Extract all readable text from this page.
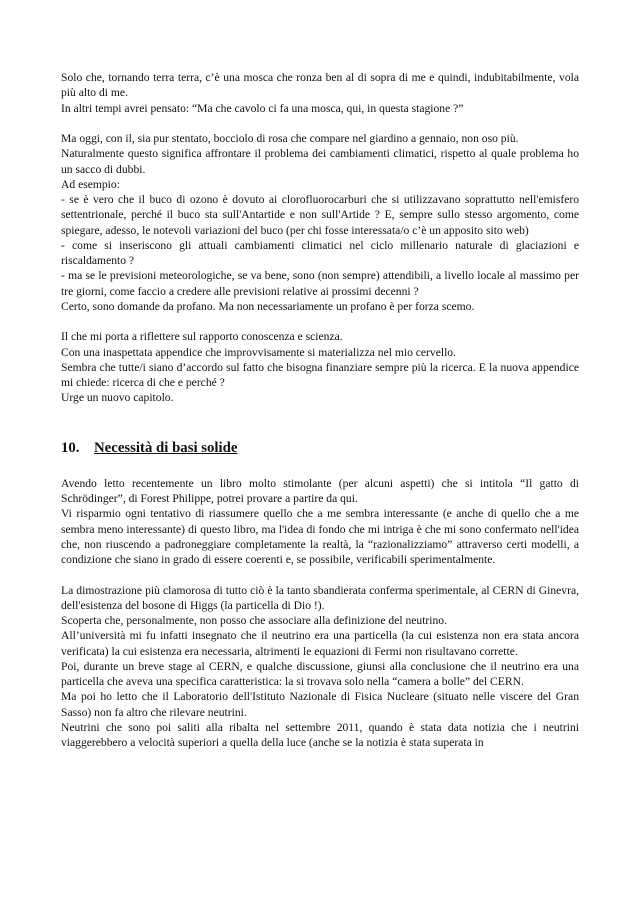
Solo che, tornando terra terra, c’è una mosca che ronza ben al di sopra di me e quindi, indubitabilmente, vola più alto di me.

In altri tempi avrei pensato: “Ma che cavolo ci fa una mosca, qui, in questa stagione ?”

Ma oggi, con il, sia pur stentato, bocciolo di rosa che compare nel giardino a gennaio, non oso più.

Naturalmente questo significa affrontare il problema dei cambiamenti climatici, rispetto al quale problema ho un sacco di dubbi.

Ad esempio:

- se è vero che il buco di ozono è dovuto ai clorofluorocarburi che si utilizzavano soprattutto nell'emisfero settentrionale, perché il buco sta sull'Antartide e non sull'Artide ? E, sempre sullo stesso argomento, come spiegare, adesso, le notevoli variazioni del buco (per chi fosse interessata/o c’è un apposito sito web)

- come si inseriscono gli attuali cambiamenti climatici nel ciclo millenario naturale di glaciazioni e riscaldamento ?

- ma se le previsioni meteorologiche, se va bene, sono (non sempre) attendibili, a livello locale al massimo per tre giorni, come faccio a credere alle previsioni relative ai prossimi decenni ?

Certo, sono domande da profano. Ma non necessariamente un profano è per forza scemo.

Il che mi porta a riflettere sul rapporto conoscenza e scienza.

Con una inaspettata appendice che improvvisamente si materializza nel mio cervello.

Sembra che tutte/i siano d’accordo sul fatto che bisogna finanziare sempre più la ricerca. E la nuova appendice mi chiede: ricerca di che e perché ?

Urge un nuovo capitolo.

10. Necessità di basi solide

Avendo letto recentemente un libro molto stimolante (per alcuni aspetti) che si intitola “Il gatto di Schrödinger”, di Forest Philippe, potrei provare a partire da qui.

Vi risparmio ogni tentativo di riassumere quello che a me sembra interessante (e anche di quello che a me sembra meno interessante) di questo libro, ma l'idea di fondo che mi intriga è che mi sono confermato nell'idea che, non riuscendo a padroneggiare completamente la realtà, la “razionalizziamo” attraverso certi modelli, a condizione che siano in grado di essere coerenti e, se possibile, verificabili sperimentalmente.

La dimostrazione più clamorosa di tutto ciò è la tanto sbandierata conferma sperimentale, al CERN di Ginevra, dell'esistenza del bosone di Higgs (la particella di Dio !).

Scoperta che, personalmente, non posso che associare alla definizione del neutrino.

All’università mi fu infatti insegnato che il neutrino era una particella (la cui esistenza non era stata ancora verificata) la cui esistenza era necessaria, altrimenti le equazioni di Fermi non risultavano corrette.

Poi, durante un breve stage al CERN, e qualche discussione, giunsi alla conclusione che il neutrino era una particella che aveva una specifica caratteristica: la si trovava solo nella “camera a bolle” del CERN.

Ma poi ho letto che il Laboratorio dell'Istituto Nazionale di Fisica Nucleare (situato nelle viscere del Gran Sasso) non fa altro che rilevare neutrini.

Neutrini che sono poi saliti alla ribalta nel settembre 2011, quando è stata data notizia che i neutrini viaggerebbero a velocità superiori a quella della luce (anche se la notizia è stata superata in
